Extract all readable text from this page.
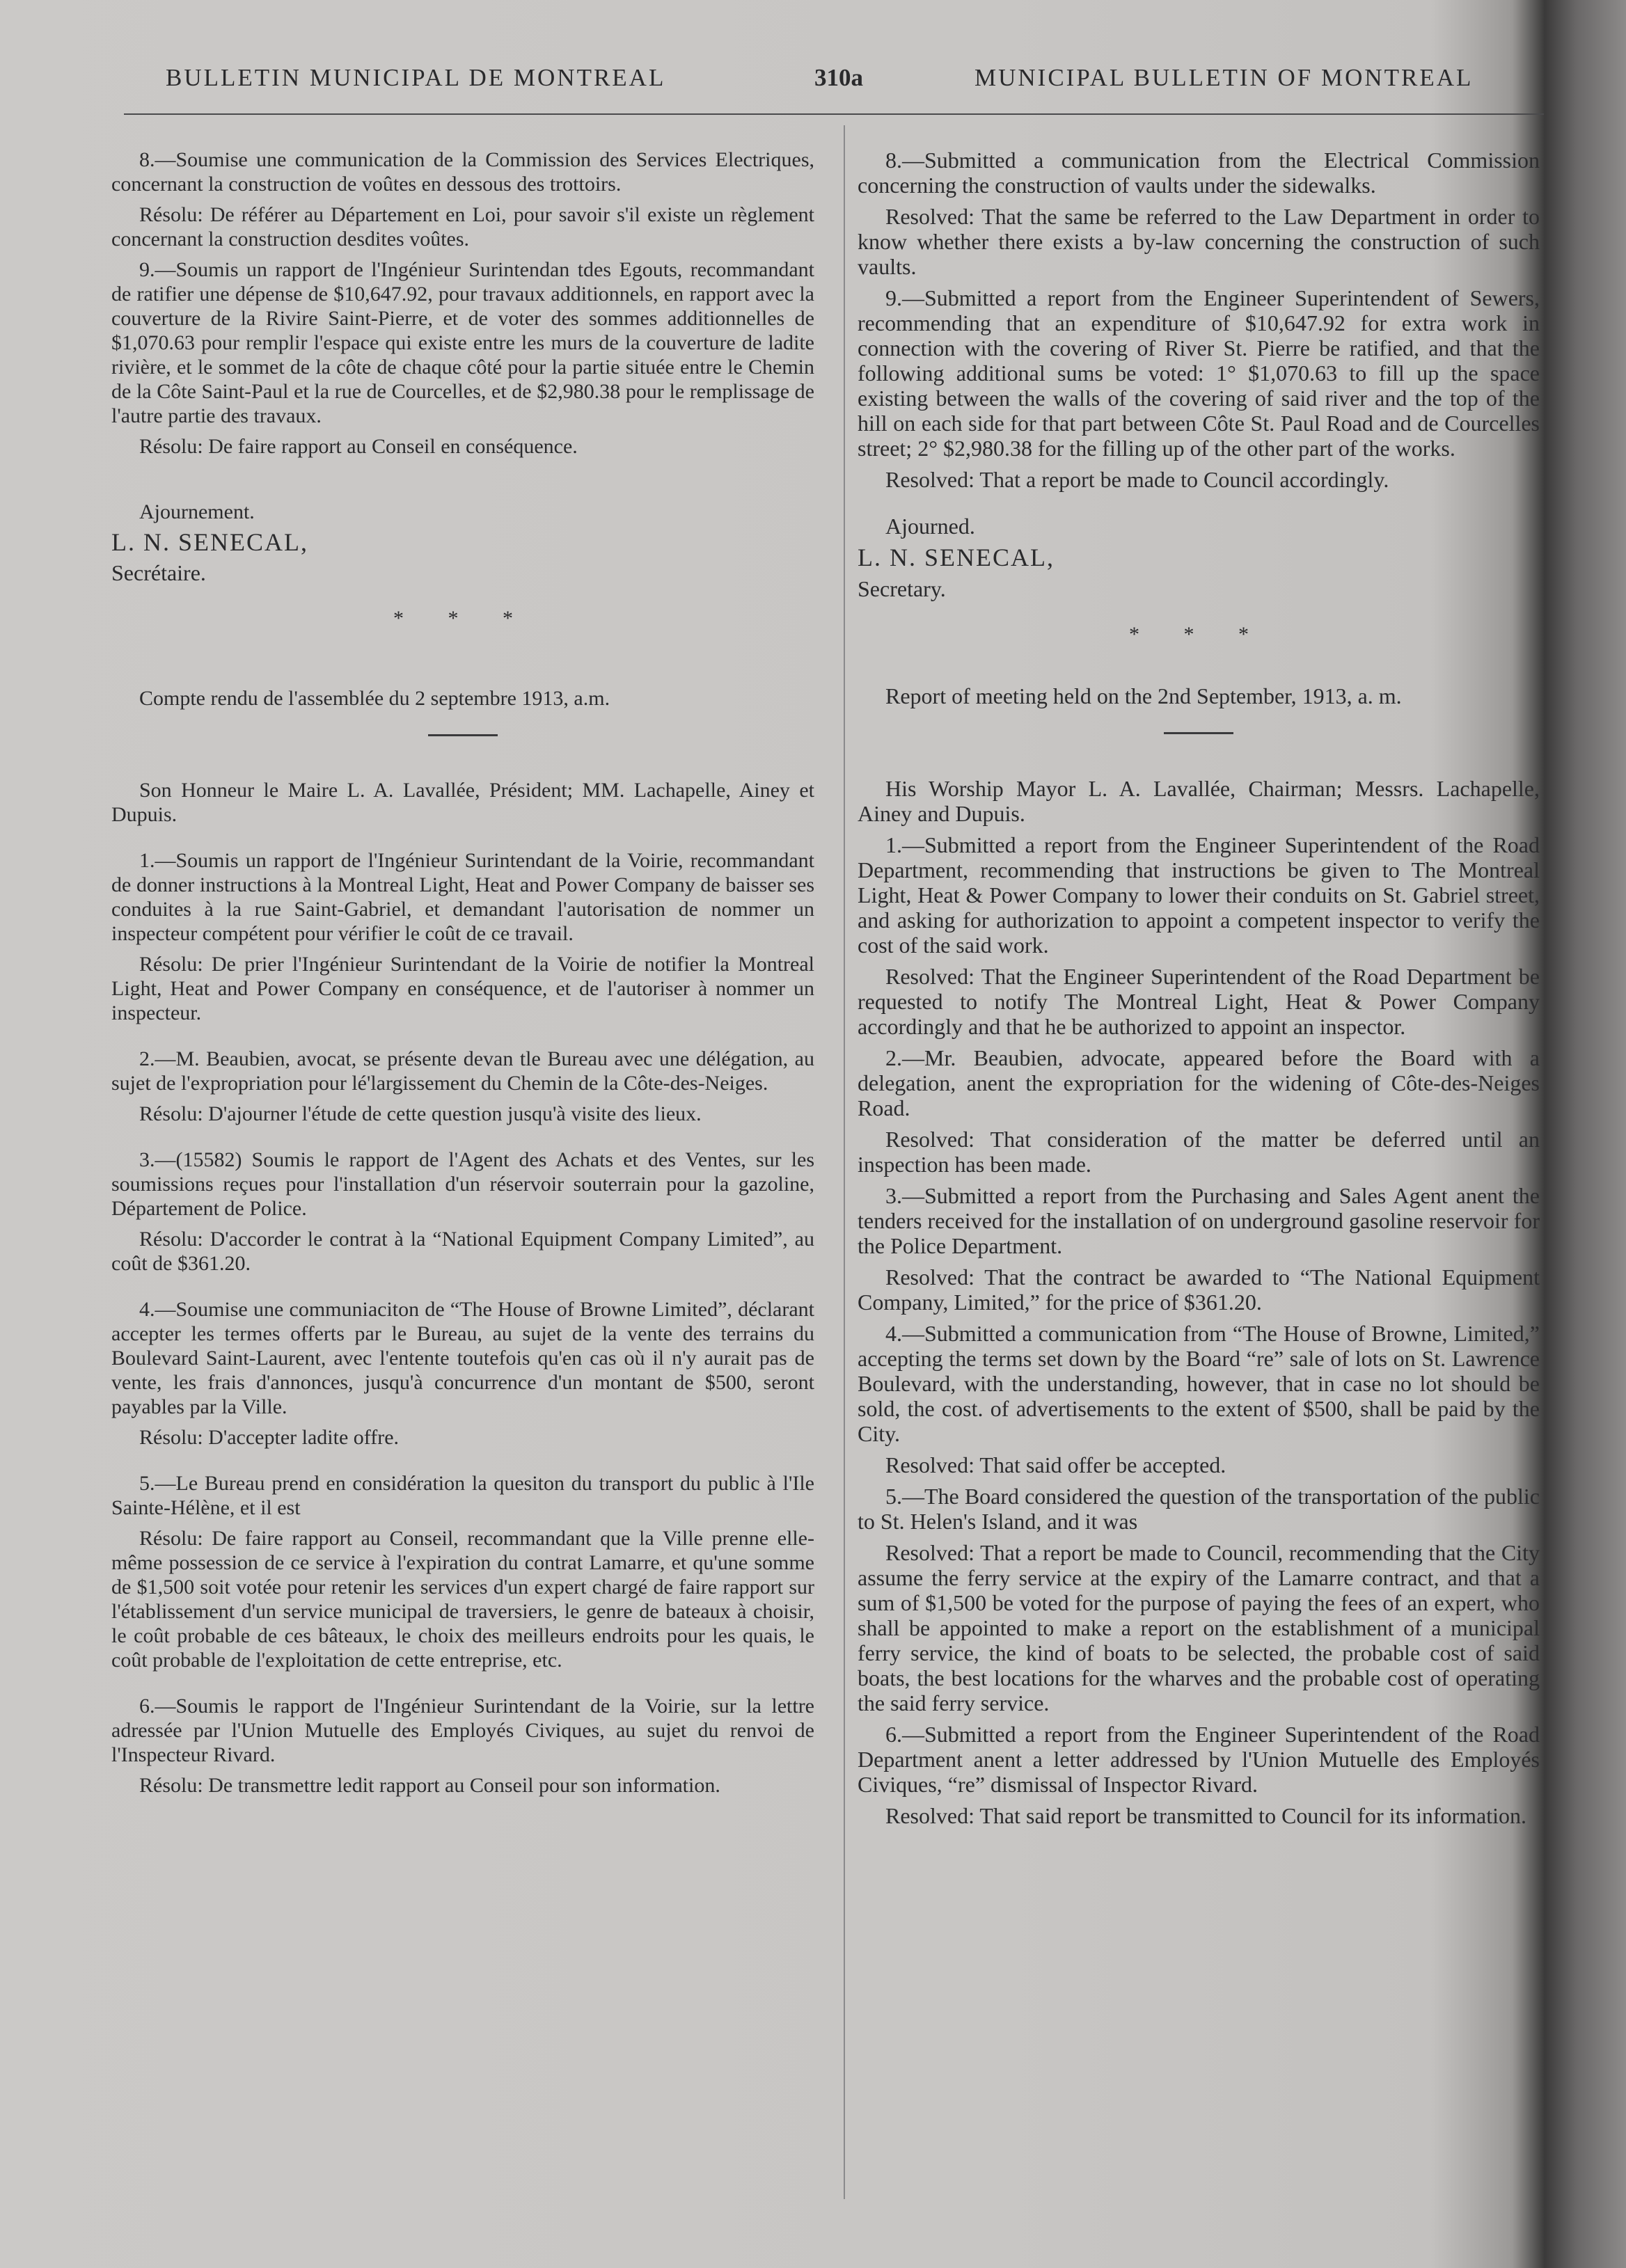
BULLETIN MUNICIPAL DE MONTREAL	310a	MUNICIPAL BULLETIN OF MONTREAL

8.—Soumise une communication de la Commission des Services Electriques, concernant la construction de voûtes en dessous des trottoirs.

Résolu: De référer au Département en Loi, pour savoir s'il existe un règlement concernant la construction desdites voûtes.

9.—Soumis un rapport de l'Ingénieur Surintendan tdes Egouts, recommandant de ratifier une dépense de $10,647.92, pour travaux additionnels, en rapport avec la couverture de la Rivire Saint-Pierre, et de voter des sommes additionnelles de $1,070.63 pour remplir l'espace qui existe entre les murs de la couverture de ladite rivière, et le sommet de la côte de chaque côté pour la partie située entre le Chemin de la Côte Saint-Paul et la rue de Courcelles, et de $2,980.38 pour le remplissage de l'autre partie des travaux.

Résolu: De faire rapport au Conseil en conséquence.

Ajournement.

L. N. SENECAL,

Secrétaire.

* * *

Compte rendu de l'assemblée du 2 septembre 1913, a.m.

Son Honneur le Maire L. A. Lavallée, Président; MM. Lachapelle, Ainey et Dupuis.

1.—Soumis un rapport de l'Ingénieur Surintendant de la Voirie, recommandant de donner instructions à la Montreal Light, Heat and Power Company de baisser ses conduites à la rue Saint-Gabriel, et demandant l'autorisation de nommer un inspecteur compétent pour vérifier le coût de ce travail.

Résolu: De prier l'Ingénieur Surintendant de la Voirie de notifier la Montreal Light, Heat and Power Company en conséquence, et de l'autoriser à nommer un inspecteur.

2.—M. Beaubien, avocat, se présente devan tle Bureau avec une délégation, au sujet de l'expropriation pour lé'largissement du Chemin de la Côte-des-Neiges.

Résolu: D'ajourner l'étude de cette question jusqu'à visite des lieux.

3.—(15582) Soumis le rapport de l'Agent des Achats et des Ventes, sur les soumissions reçues pour l'installation d'un réservoir souterrain pour la gazoline, Département de Police.

Résolu: D'accorder le contrat à la “National Equipment Company Limited”, au coût de $361.20.

4.—Soumise une communiaciton de “The House of Browne Limited”, déclarant accepter les termes offerts par le Bureau, au sujet de la vente des terrains du Boulevard Saint-Laurent, avec l'entente toutefois qu'en cas où il n'y aurait pas de vente, les frais d'annonces, jusqu'à concurrence d'un montant de $500, seront payables par la Ville.

Résolu: D'accepter ladite offre.

5.—Le Bureau prend en considération la quesiton du transport du public à l'Ile Sainte-Hélène, et il est

Résolu: De faire rapport au Conseil, recommandant que la Ville prenne elle-même possession de ce service à l'expiration du contrat Lamarre, et qu'une somme de $1,500 soit votée pour retenir les services d'un expert chargé de faire rapport sur l'établissement d'un service municipal de traversiers, le genre de bateaux à choisir, le coût probable de ces bâteaux, le choix des meilleurs endroits pour les quais, le coût probable de l'exploitation de cette entreprise, etc.

6.—Soumis le rapport de l'Ingénieur Surintendant de la Voirie, sur la lettre adressée par l'Union Mutuelle des Employés Civiques, au sujet du renvoi de l'Inspecteur Rivard.

Résolu: De transmettre ledit rapport au Conseil pour son information.

8.—Submitted a communication from the Electrical Commission concerning the construction of vaults under the sidewalks.

Resolved: That the same be referred to the Law Department in order to know whether there exists a by-law concerning the construction of such vaults.

9.—Submitted a report from the Engineer Superintendent of Sewers, recommending that an expenditure of $10,647.92 for extra work in connection with the covering of River St. Pierre be ratified, and that the following additional sums be voted: 1° $1,070.63 to fill up the space existing between the walls of the covering of said river and the top of the hill on each side for that part between Côte St. Paul Road and de Courcelles street; 2° $2,980.38 for the filling up of the other part of the works.

Resolved: That a report be made to Council accordingly.

Ajourned.

L. N. SENECAL,

Secretary.

* * *

Report of meeting held on the 2nd September, 1913, a. m.

His Worship Mayor L. A. Lavallée, Chairman; Messrs. Lachapelle, Ainey and Dupuis.

1.—Submitted a report from the Engineer Superintendent of the Road Department, recommending that instructions be given to The Montreal Light, Heat & Power Company to lower their conduits on St. Gabriel street, and asking for authorization to appoint a competent inspector to verify the cost of the said work.

Resolved: That the Engineer Superintendent of the Road Department be requested to notify The Montreal Light, Heat & Power Company accordingly and that he be authorized to appoint an inspector.

2.—Mr. Beaubien, advocate, appeared before the Board with a delegation, anent the expropriation for the widening of Côte-des-Neiges Road.

Resolved: That consideration of the matter be deferred until an inspection has been made.

3.—Submitted a report from the Purchasing and Sales Agent anent the tenders received for the installation of on underground gasoline reservoir for the Police Department.

Resolved: That the contract be awarded to “The National Equipment Company, Limited,” for the price of $361.20.

4.—Submitted a communication from “The House of Browne, Limited,” accepting the terms set down by the Board “re” sale of lots on St. Lawrence Boulevard, with the understanding, however, that in case no lot should be sold, the cost. of advertisements to the extent of $500, shall be paid by the City.

Resolved: That said offer be accepted.

5.—The Board considered the question of the transportation of the public to St. Helen's Island, and it was

Resolved: That a report be made to Council, recommending that the City assume the ferry service at the expiry of the Lamarre contract, and that a sum of $1,500 be voted for the purpose of paying the fees of an expert, who shall be appointed to make a report on the establishment of a municipal ferry service, the kind of boats to be selected, the probable cost of said boats, the best locations for the wharves and the probable cost of operating the said ferry service.

6.—Submitted a report from the Engineer Superintendent of the Road Department anent a letter addressed by l'Union Mutuelle des Employés Civiques, “re” dismissal of Inspector Rivard.

Resolved: That said report be transmitted to Council for its information.
